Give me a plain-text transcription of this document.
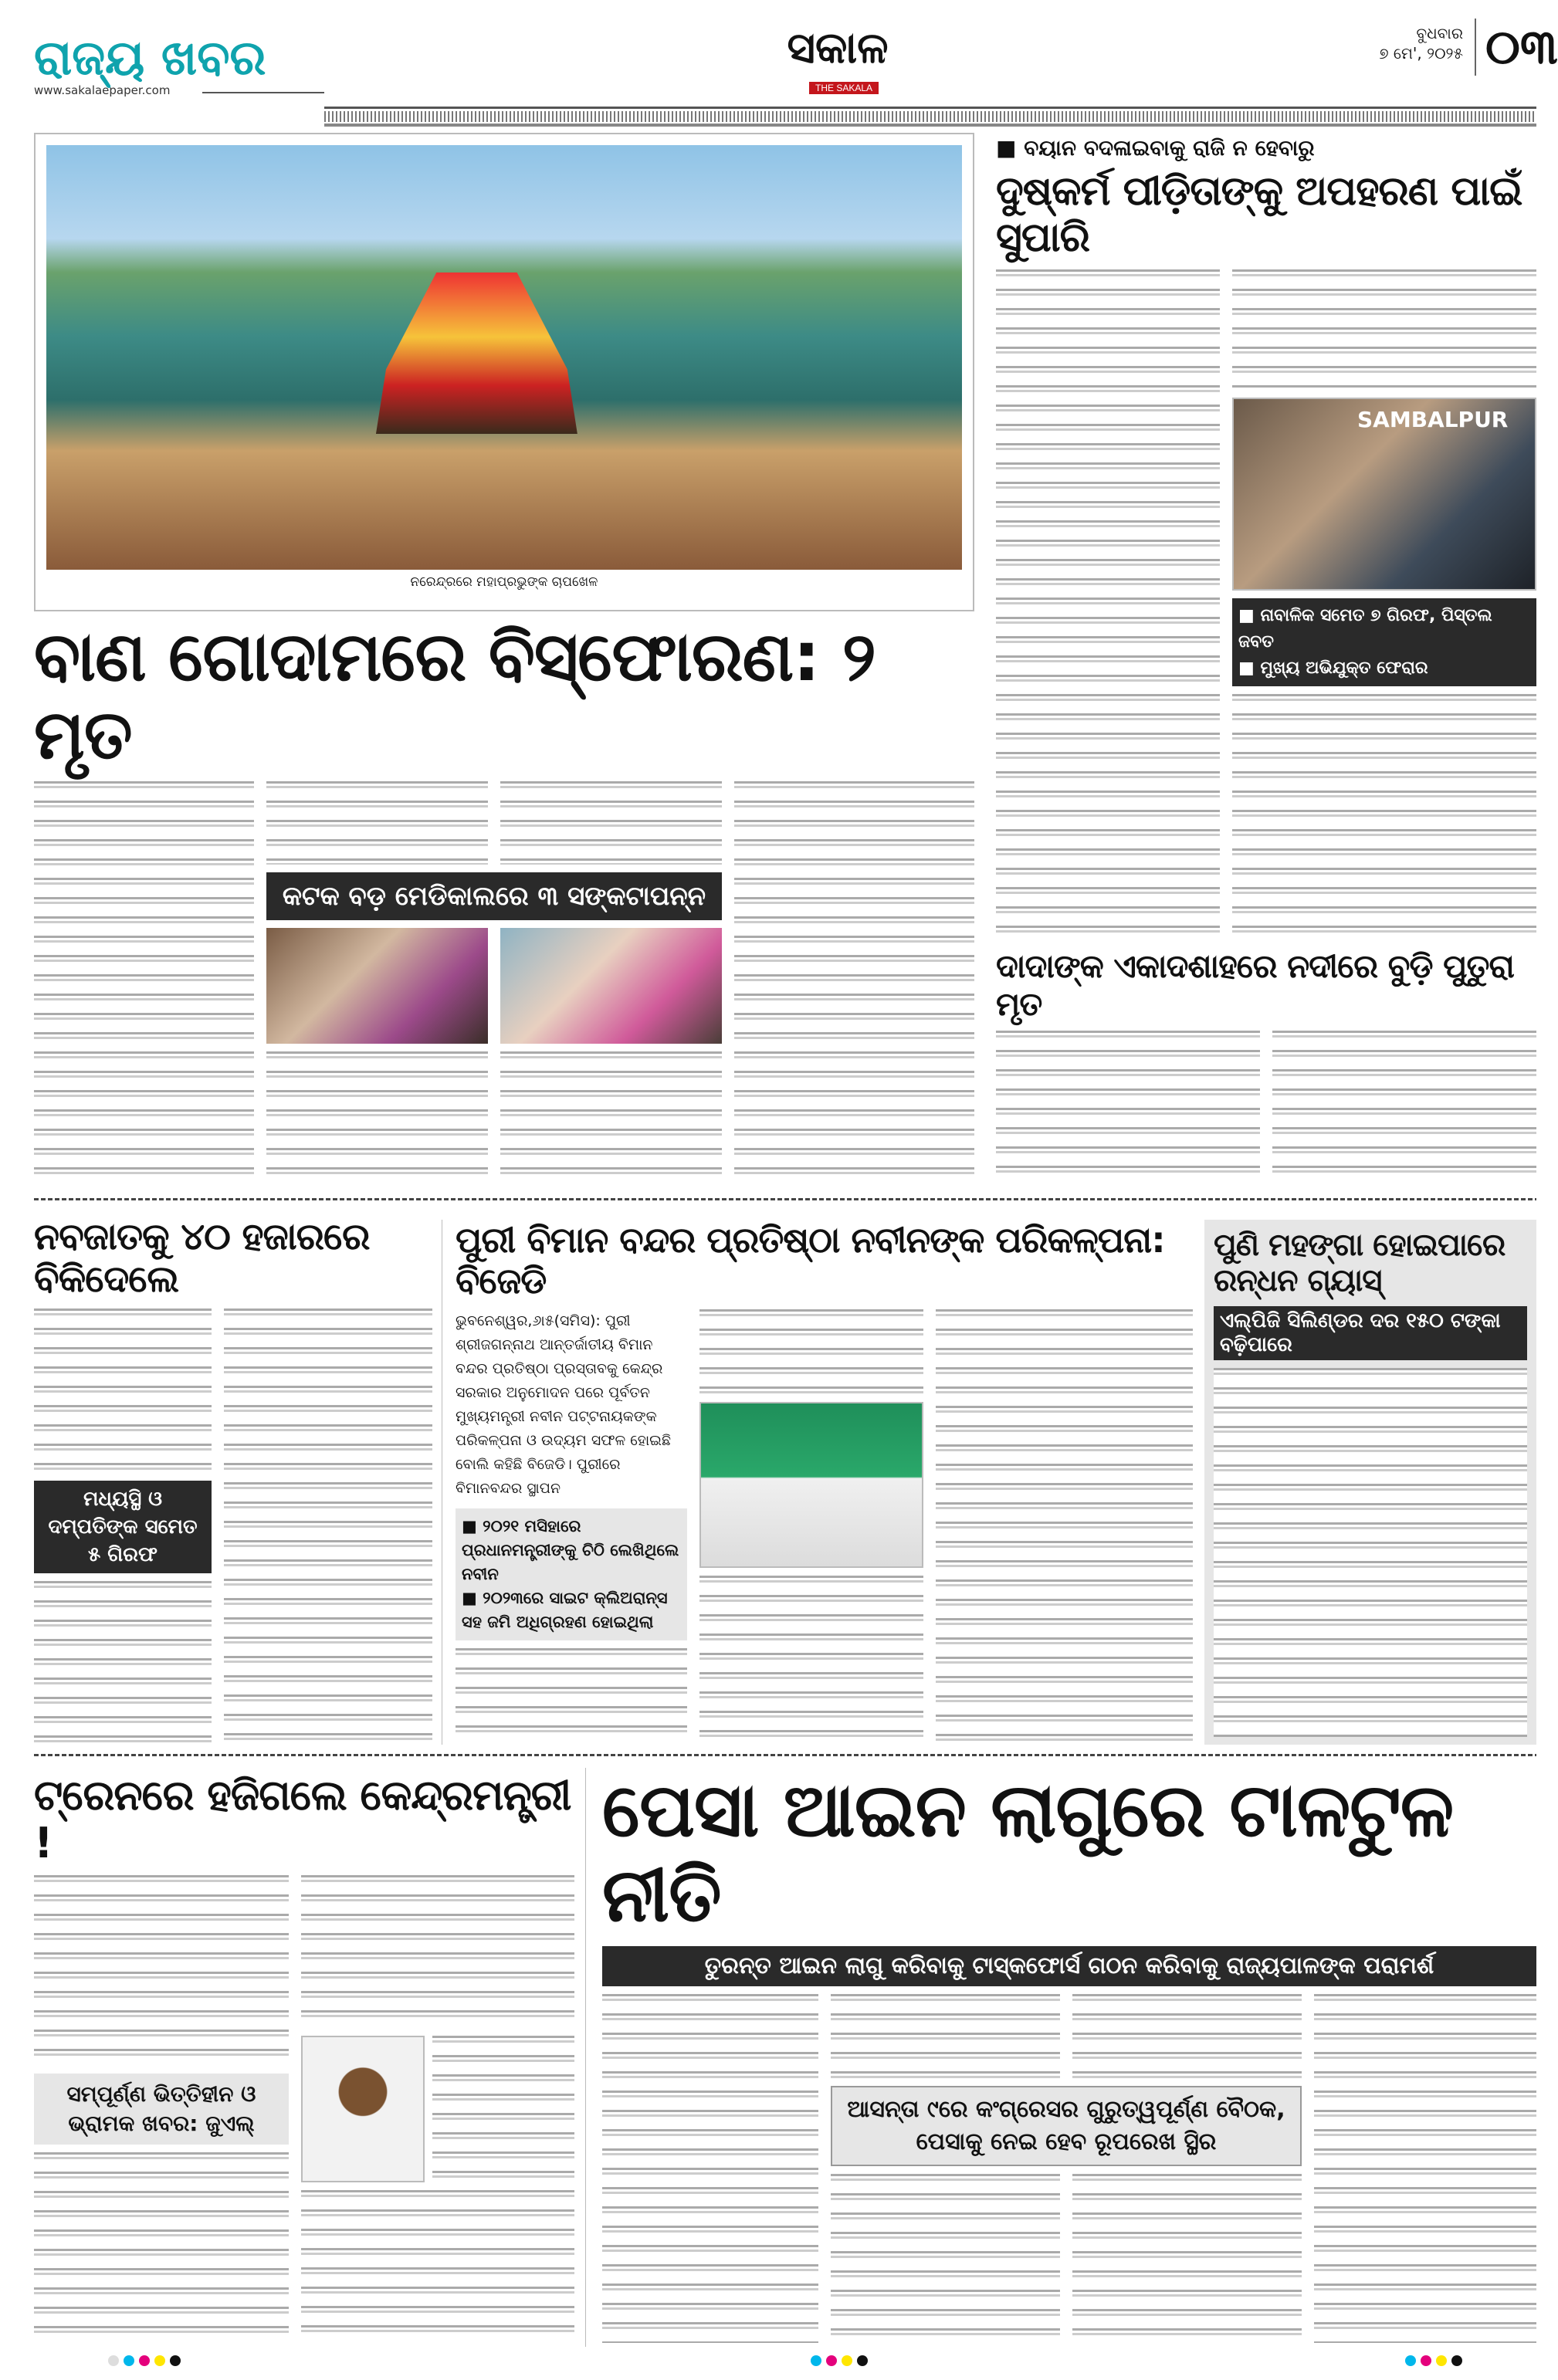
ରାଜ୍ୟ ଖବର
www.sakalaepaper.com
ସକାଳ
THE SAKALA
ବୁଧବାର
୭ ମେ', ୨୦୨୫ ୦୩
ନରେନ୍ଦ୍ରରେ ମହାପ୍ରଭୁଙ୍କ ଚାପଖେଳ
■ ବୟାନ ବଦଳାଇବାକୁ ରାଜି ନ ହେବାରୁ
ଦୁଷ୍କର୍ମ ପୀଡ଼ିତାଙ୍କୁ ଅପହରଣ ପାଇଁ ସୁପାରି
SAMBALPUR
■ ନାବାଳିକ ସମେତ ୭ ଗିରଫ, ପିସ୍ତଲ ଜବତ
■ ମୁଖ୍ୟ ଅଭିଯୁକ୍ତ ଫେରାର
ଦାଦାଙ୍କ ଏକାଦଶାହରେ ନଦୀରେ ବୁଡ଼ି ପୁତୁରା ମୃତ
ବାଣ ଗୋଦାମରେ ବିସ୍ଫୋରଣ: ୨ ମୃତ
କଟକ ବଡ଼ ମେଡିକାଲରେ ୩ ସଙ୍କଟାପନ୍ନ
ନବଜାତକୁ ୪୦ ହଜାରରେ ବିକିଦେଲେ
ମଧ୍ୟସ୍ଥି ଓ ଦମ୍ପତିଙ୍କ ସମେତ ୫ ଗିରଫ
ପୁରୀ ବିମାନ ବନ୍ଦର ପ୍ରତିଷ୍ଠା ନବୀନଙ୍କ ପରିକଳ୍ପନା: ବିଜେଡି
ଭୁବନେଶ୍ୱର,୬ା୫(ସମିସ): ପୁରୀ ଶ୍ରୀଜଗନ୍ନାଥ ଆନ୍ତର୍ଜାତୀୟ ବିମାନ ବନ୍ଦର ପ୍ରତିଷ୍ଠା ପ୍ରସ୍ତାବକୁ କେନ୍ଦ୍ର ସରକାର ଅନୁମୋଦନ ପରେ ପୂର୍ବତନ ମୁଖ୍ୟମନ୍ତ୍ରୀ ନବୀନ ପଟ୍ଟନାୟକଙ୍କ ପରିକଳ୍ପନା ଓ ଉଦ୍ୟମ ସଫଳ ହୋଇଛି ବୋଲି କହିଛି ବିଜେଡି। ପୁରୀରେ ବିମାନବନ୍ଦର ସ୍ଥାପନ
■ ୨୦୨୧ ମସିହାରେ ପ୍ରଧାନମନ୍ତ୍ରୀଙ୍କୁ ଚିଠି ଲେଖିଥିଲେ ନବୀନ
■ ୨୦୨୩ରେ ସାଇଟ କ୍ଲିଅରାନ୍ସ ସହ ଜମି ଅଧିଗ୍ରହଣ ହୋଇଥିଲା
ପୁଣି ମହଙ୍ଗା ହୋଇପାରେ ରନ୍ଧନ ଗ୍ୟାସ୍
ଏଲ୍‌ପିଜି ସିଲିଣ୍ଡର ଦର ୧୫୦ ଟଙ୍କା ବଢ଼ିପାରେ
ଟ୍ରେନରେ ହଜିଗଲେ କେନ୍ଦ୍ରମନ୍ତ୍ରୀ !
ସମ୍ପୂର୍ଣ୍ଣ ଭିତ୍ତିହୀନ ଓ ଭ୍ରାମକ ଖବର: ଜୁଏଲ୍
ପେସା ଆଇନ ଲାଗୁରେ ଟାଳଟୁଳ ନୀତି
ତୁରନ୍ତ ଆଇନ ଲାଗୁ କରିବାକୁ ଟାସ୍କଫୋର୍ସ ଗଠନ କରିବାକୁ ରାଜ୍ୟପାଳଙ୍କ ପରାମର୍ଶ
ଆସନ୍ତା ୯ରେ କଂଗ୍ରେସର ଗୁରୁତ୍ୱପୂର୍ଣ୍ଣ ବୈଠକ, ପେସାକୁ ନେଇ ହେବ ରୂପରେଖ ସ୍ଥିର
